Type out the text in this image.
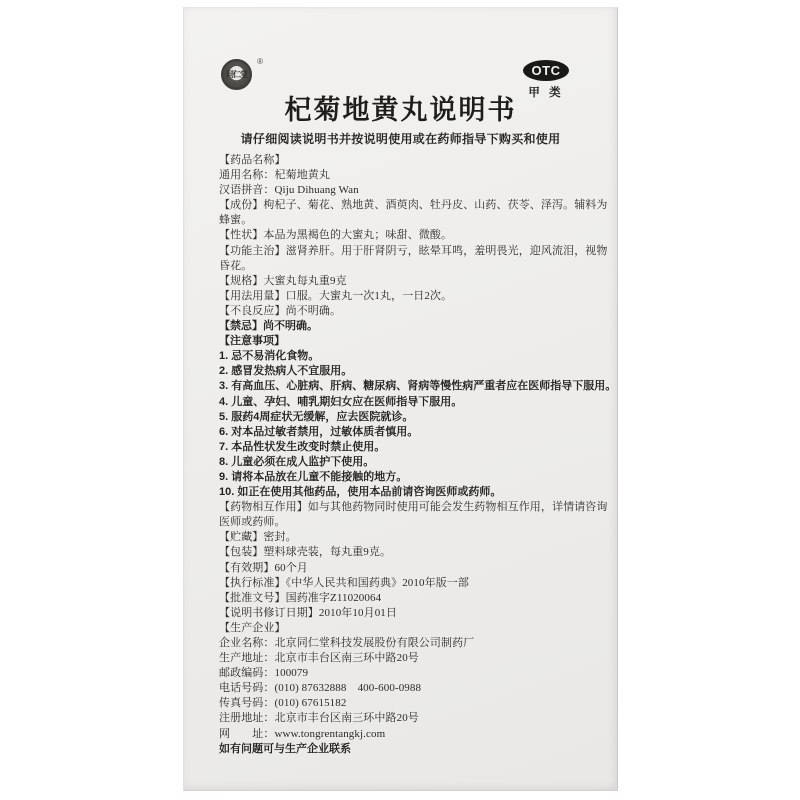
同仁堂
®
OTC
甲 类
杞菊地黄丸说明书
请仔细阅读说明书并按说明使用或在药师指导下购买和使用
【药品名称】
通用名称：杞菊地黄丸
汉语拼音：Qiju Dihuang Wan
【成份】枸杞子、菊花、熟地黄、酒萸肉、牡丹皮、山药、茯苓、泽泻。辅料为
蜂蜜。
【性状】本品为黑褐色的大蜜丸；味甜、微酸。
【功能主治】滋肾养肝。用于肝肾阴亏，眩晕耳鸣，羞明畏光，迎风流泪，视物
昏花。
【规格】大蜜丸每丸重9克
【用法用量】口服。大蜜丸一次1丸，一日2次。
【不良反应】尚不明确。
【禁忌】尚不明确。
【注意事项】
1. 忌不易消化食物。
2. 感冒发热病人不宜服用。
3. 有高血压、心脏病、肝病、糖尿病、肾病等慢性病严重者应在医师指导下服用。
4. 儿童、孕妇、哺乳期妇女应在医师指导下服用。
5. 服药4周症状无缓解，应去医院就诊。
6. 对本品过敏者禁用，过敏体质者慎用。
7. 本品性状发生改变时禁止使用。
8. 儿童必须在成人监护下使用。
9. 请将本品放在儿童不能接触的地方。
10. 如正在使用其他药品，使用本品前请咨询医师或药师。
【药物相互作用】如与其他药物同时使用可能会发生药物相互作用，详情请咨询
医师或药师。
【贮藏】密封。
【包装】塑料球壳装，每丸重9克。
【有效期】60个月
【执行标准】《中华人民共和国药典》2010年版一部
【批准文号】国药准字Z11020064
【说明书修订日期】2010年10月01日
【生产企业】
企业名称：北京同仁堂科技发展股份有限公司制药厂
生产地址：北京市丰台区南三环中路20号
邮政编码：100079
电话号码：(010) 87632888　400-600-0988
传真号码：(010) 67615182
注册地址：北京市丰台区南三环中路20号
网　　址：www.tongrentangkj.com
如有问题可与生产企业联系
